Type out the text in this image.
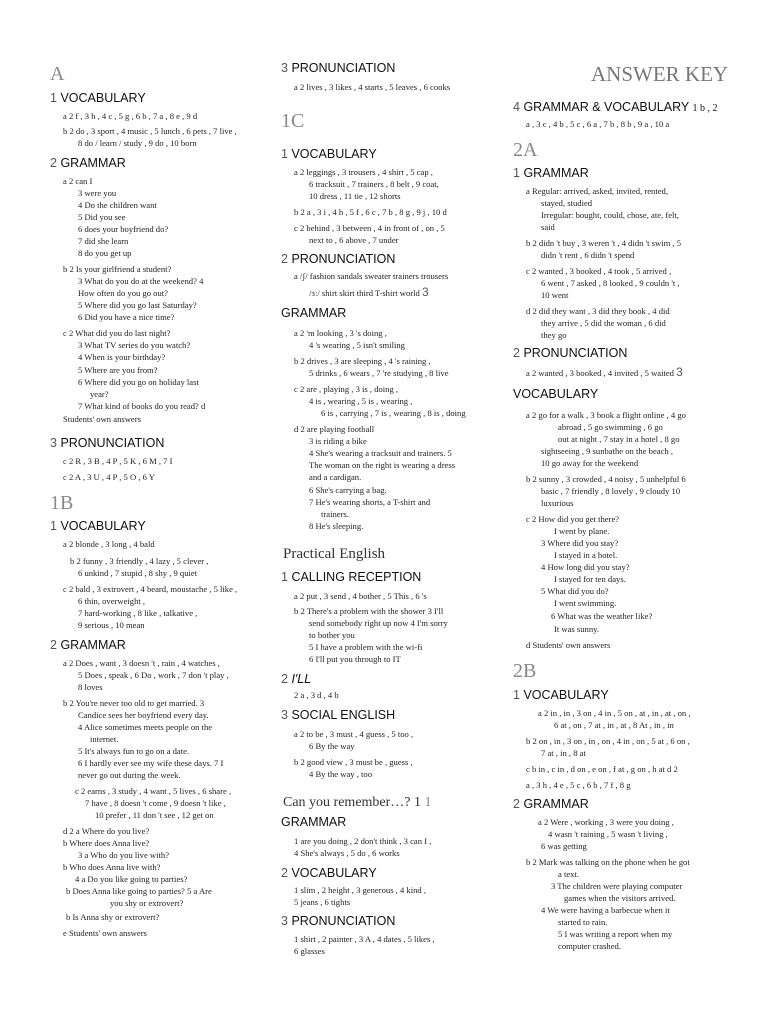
A
1 VOCABULARY
a 2 f , 3 h , 4 c , 5 g , 6 b , 7 a , 8 e , 9 d
b 2 do , 3 sport , 4 music , 5 lunch , 6 pets , 7 live ,
8 do / learn / study , 9 do , 10 born
2 GRAMMAR
a 2 can I
3 were you
4 Do the children want
5 Did you see
6 does your boyfriend do?
7 did she learn
8 do you get up
b 2 Is your girlfriend a student?
3 What do you do at the weekend? 4
How often do you go out?
5 Where did you go last Saturday?
6 Did you have a nice time?
c 2 What did you do last night?
3 What TV series do you watch?
4 When is your birthday?
5 Where are you from?
6 Where did you go on holiday last
year?
7 What kind of books do you read? d
Students' own answers
3 PRONUNCIATION
c 2 R , 3 B , 4 P , 5 K , 6 M , 7 I
c 2 A , 3 U , 4 P , 5 O , 6 Y
1B
1 VOCABULARY
a 2 blonde , 3 long , 4 bald
b 2 funny , 3 friendly , 4 lazy , 5 clever ,
6 unkind , 7 stupid , 8 shy , 9 quiet
c 2 bald , 3 extrovert , 4 beard, moustache , 5 like ,
6 thin, overweight ,
7 hard-working , 8 like , talkative ,
9 serious , 10 mean
2 GRAMMAR
a 2 Does , want , 3 doesn 't , rain , 4 watches ,
5 Does , speak , 6 Do , work , 7 don 't play ,
8 loves
b 2 You're never too old to get married. 3
Candice sees her boyfriend every day.
4 Alice sometimes meets people on the
internet.
5 It's always fun to go on a date.
6 I hardly ever see my wife these days. 7 I
never go out during the week.
c 2 earns , 3 study , 4 want , 5 lives , 6 share ,
7 have , 8 doesn 't come , 9 doesn 't like ,
10 prefer , 11 don 't see , 12 get on
d 2 a Where do you live?
b Where does Anna live?
3 a Who do you live with?
b Who does Anna live with?
4 a Do you like going to parties?
b Does Anna like going to parties? 5 a Are
you shy or extrovert?
b Is Anna shy or extrovert?
e Students' own answers
3 PRONUNCIATION
a 2 lives , 3 likes , 4 starts , 5 leaves , 6 cooks
1C
1 VOCABULARY
a 2 leggings , 3 trousers , 4 shirt , 5 cap ,
6 tracksuit , 7 trainers , 8 belt , 9 coat,
10 dress , 11 tie , 12 shorts
b 2 a , 3 i , 4 h , 5 f , 6 c , 7 b , 8 g , 9 j , 10 d
c 2 behind , 3 between , 4 in front of , on , 5
next to , 6 above , 7 under
2 PRONUNCIATION
a /ʃ/ fashion sandals sweater trainers trousers
/ɜː/ shirt skirt third T-shirt world 3
GRAMMAR
a 2 'm looking , 3 's doing ,
4 's wearing , 5 isn't smiling
b 2 drives , 3 are sleeping , 4 's raining ,
5 drinks , 6 wears , 7 're studying , 8 live
c 2 are , playing , 3 is , doing ,
4 is , wearing , 5 is , wearing ,
6 is , carrying , 7 is , wearing , 8 is , doing
d 2 are playing football
3 is riding a bike
4 She's wearing a tracksuit and trainers. 5
The woman on the right is wearing a dress
and a cardigan.
6 She's carrying a bag.
7 He's wearing shorts, a T-shirt and
trainers.
8 He's sleeping.
Practical English
1 CALLING RECEPTION
a 2 put , 3 send , 4 bother , 5 This , 6 's
b 2 There's a problem with the shower 3 I'll
send somebody right up now 4 I'm sorry
to bother you
5 I have a problem with the wi-fi
6 I'll put you through to IT
2 I'LL
2 a , 3 d , 4 b
3 SOCIAL ENGLISH
a 2 to be , 3 must , 4 guess , 5 too ,
6 By the way
b 2 good view , 3 must be , guess ,
4 By the way , too
Can you remember…? 1 1
GRAMMAR
1 are you doing , 2 don't think , 3 can I ,
4 She's always , 5 do , 6 works
2 VOCABULARY
1 slim , 2 height , 3 generous , 4 kind ,
5 jeans , 6 tights
3 PRONUNCIATION
1 shirt , 2 painter , 3 A , 4 dates , 5 likes ,
6 glasses
ANSWER KEY
4 GRAMMAR & VOCABULARY 1 b , 2
a , 3 c , 4 b , 5 c , 6 a , 7 b , 8 b , 9 a , 10 a
2A
1 GRAMMAR
a Regular: arrived, asked, invited, rented,
stayed, studied
Irregular: bought, could, chose, ate, felt,
said
b 2 didn 't buy , 3 weren 't , 4 didn 't swim , 5
didn 't rent , 6 didn 't spend
c 2 wanted , 3 booked , 4 took , 5 arrived ,
6 went , 7 asked , 8 looked , 9 couldn 't ,
10 went
d 2 did they want , 3 did they book , 4 did
they arrive , 5 did the woman , 6 did
they go
2 PRONUNCIATION
a 2 wanted , 3 booked , 4 invited , 5 waited 3
VOCABULARY
a 2 go for a walk , 3 book a flight online , 4 go
abroad , 5 go swimming , 6 go
out at night , 7 stay in a hotel , 8 go
sightseeing , 9 sunbathe on the beach ,
10 go away for the weekend
b 2 sunny , 3 crowded , 4 noisy , 5 unhelpful 6
basic , 7 friendly , 8 lovely , 9 cloudy 10
luxurious
c 2 How did you get there?
I went by plane.
3 Where did you stay?
I stayed in a hotel.
4 How long did you stay?
I stayed for ten days.
5 What did you do?
I went swimming.
6 What was the weather like?
It was sunny.
d Students' own answers
2B
1 VOCABULARY
a 2 in , in , 3 on , 4 in , 5 on , at , in , at , on ,
6 at , on , 7 at , in , at , 8 At , in , in
b 2 on , in , 3 on , in , on , 4 in , on , 5 at , 6 on ,
7 at , in , 8 at
c b in , c in , d on , e on , f at , g on , h at d 2
a , 3 h , 4 e , 5 c , 6 b , 7 f , 8 g
2 GRAMMAR
a 2 Were , working , 3 were you doing ,
4 wasn 't raining , 5 wasn 't living ,
6 was getting
b 2 Mark was talking on the phone when he got
a text.
3 The children were playing computer
games when the visitors arrived.
4 We were having a barbecue when it
started to rain.
5 I was writing a report when my
computer crashed.
